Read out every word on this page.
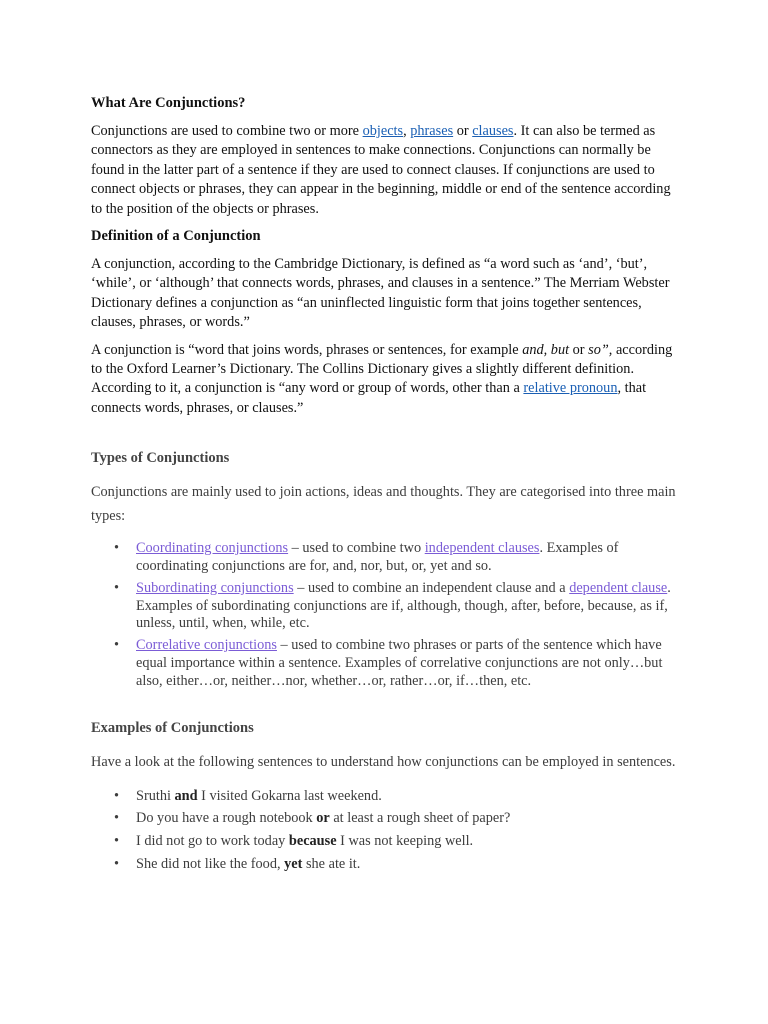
What Are Conjunctions?

Conjunctions are used to combine two or more objects, phrases or clauses. It can also be termed as connectors as they are employed in sentences to make connections. Conjunctions can normally be found in the latter part of a sentence if they are used to connect clauses. If conjunctions are used to connect objects or phrases, they can appear in the beginning, middle or end of the sentence according to the position of the objects or phrases.

Definition of a Conjunction

A conjunction, according to the Cambridge Dictionary, is defined as “a word such as ‘and’, ‘but’, ‘while’, or ‘although’ that connects words, phrases, and clauses in a sentence.” The Merriam Webster Dictionary defines a conjunction as “an uninflected linguistic form that joins together sentences, clauses, phrases, or words.”

A conjunction is “word that joins words, phrases or sentences, for example and, but or so”, according to the Oxford Learner’s Dictionary. The Collins Dictionary gives a slightly different definition. According to it, a conjunction is “any word or group of words, other than a relative pronoun, that connects words, phrases, or clauses.”

Types of Conjunctions

Conjunctions are mainly used to join actions, ideas and thoughts. They are categorised into three main types:

• Coordinating conjunctions – used to combine two independent clauses. Examples of coordinating conjunctions are for, and, nor, but, or, yet and so.
• Subordinating conjunctions – used to combine an independent clause and a dependent clause. Examples of subordinating conjunctions are if, although, though, after, before, because, as if, unless, until, when, while, etc.
• Correlative conjunctions – used to combine two phrases or parts of the sentence which have equal importance within a sentence. Examples of correlative conjunctions are not only…but also, either…or, neither…nor, whether…or, rather…or, if…then, etc.
Examples of Conjunctions

Have a look at the following sentences to understand how conjunctions can be employed in sentences.

• Sruthi and I visited Gokarna last weekend.
• Do you have a rough notebook or at least a rough sheet of paper?
• I did not go to work today because I was not keeping well.
• She did not like the food, yet she ate it.
